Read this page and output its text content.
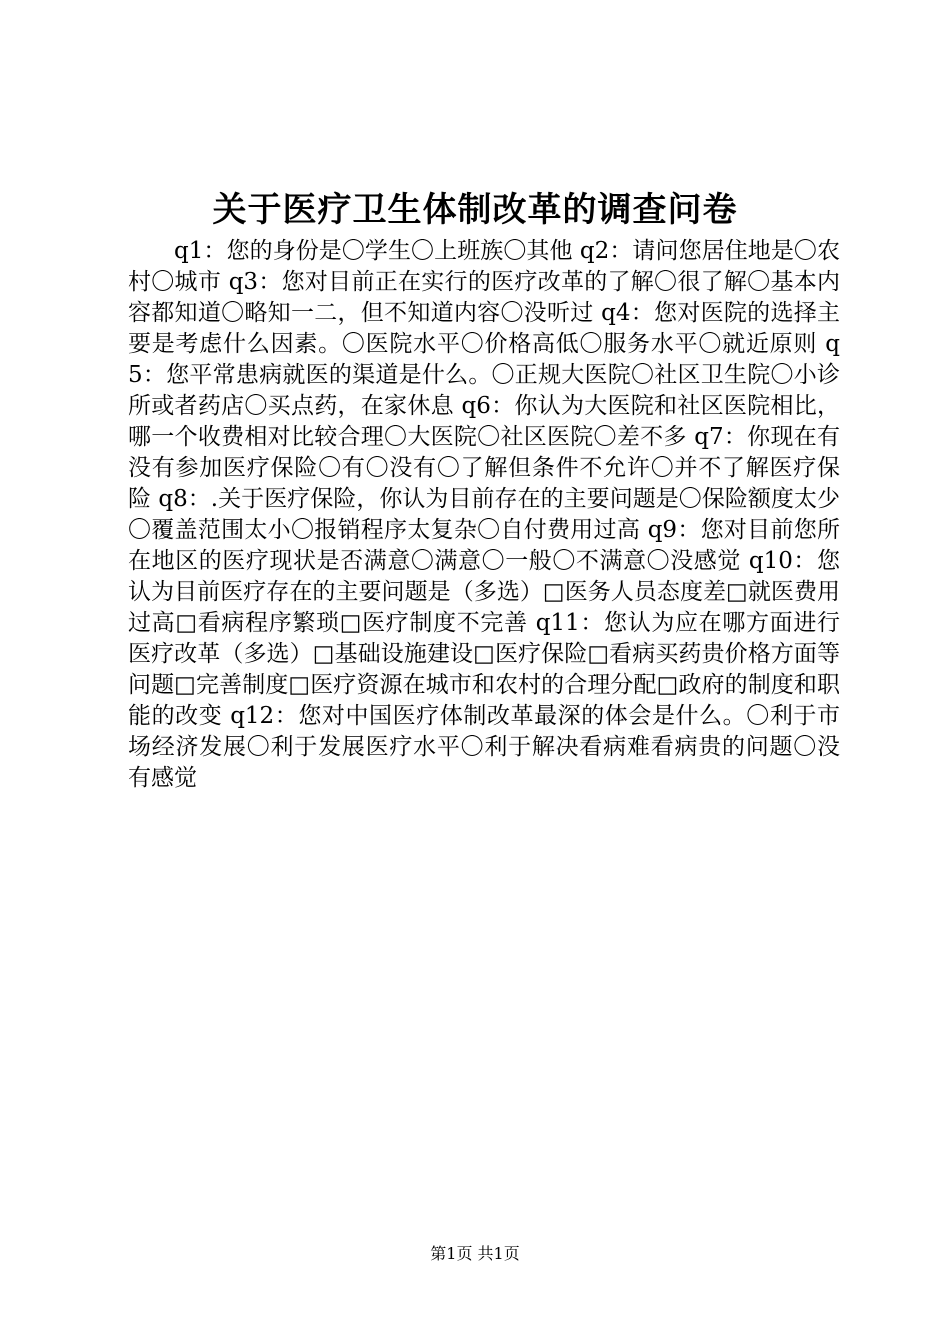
关于医疗卫生体制改革的调查问卷

q1：您的身份是〇学生〇上班族〇其他 q2：请问您居住地是〇农村〇城市 q3：您对目前正在实行的医疗改革的了解〇很了解〇基本内容都知道〇略知一二，但不知道内容〇没听过 q4：您对医院的选择主要是考虑什么因素。〇医院水平〇价格高低〇服务水平〇就近原则 q5：您平常患病就医的渠道是什么。〇正规大医院〇社区卫生院〇小诊所或者药店〇买点药，在家休息 q6：你认为大医院和社区医院相比，哪一个收费相对比较合理〇大医院〇社区医院〇差不多 q7：你现在有没有参加医疗保险〇有〇没有〇了解但条件不允许〇并不了解医疗保险 q8：.关于医疗保险，你认为目前存在的主要问题是〇保险额度太少〇覆盖范围太小〇报销程序太复杂〇自付费用过高 q9：您对目前您所在地区的医疗现状是否满意〇满意〇一般〇不满意〇没感觉 q10：您认为目前医疗存在的主要问题是（多选）□医务人员态度差□就医费用过高□看病程序繁琐□医疗制度不完善 q11：您认为应在哪方面进行医疗改革（多选）□基础设施建设□医疗保险□看病买药贵价格方面等问题□完善制度□医疗资源在城市和农村的合理分配□政府的制度和职能的改变 q12：您对中国医疗体制改革最深的体会是什么。〇利于市场经济发展〇利于发展医疗水平〇利于解决看病难看病贵的问题〇没有感觉

第1页 共1页
